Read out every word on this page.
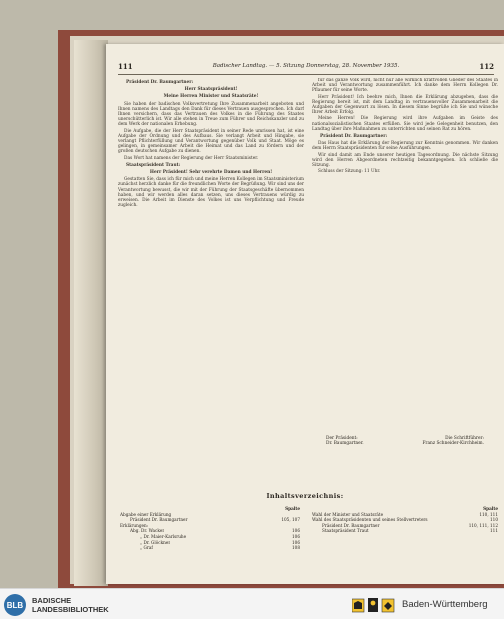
111	Badischer Landtag. — 5. Sitzung Donnerstag, 28. November 1935.	112

Präsident Dr. Baumgartner:

Herr Staatspräsident!

Meine Herren Minister und Staatsräte!

Sie haben der badischen Volksvertretung Ihre Zusammenarbeit angeboten und Ihnen namens des Landtags den Dank für dieses Vertrauen ausgesprochen. Ich darf Ihnen versichern, dass das Vertrauen des Volkes in die Führung des Staates unerschütterlich ist. Wir alle stehen in Treue zum Führer und Reichskanzler und zu dem Werk der nationalen Erhebung.

Die Aufgabe, die der Herr Staatspräsident in seiner Rede umrissen hat, ist eine Aufgabe der Ordnung und des Aufbaus. Sie verlangt Arbeit und Hingabe, sie verlangt Pflichterfüllung und Verantwortung gegenüber Volk und Staat. Möge es gelingen, in gemeinsamer Arbeit die Heimat und das Land zu fördern und der großen deutschen Aufgabe zu dienen.

Das Wort hat namens der Regierung der Herr Staatsminister.

Staatspräsident Traut:

Herr Präsident! Sehr verehrte Damen und Herren!

Gestatten Sie, dass ich für mich und meine Herren Kollegen im Staatsministerium zunächst herzlich danke für die freundlichen Worte der Begrüßung. Wir sind uns der Verantwortung bewusst, die wir mit der Führung der Staatsgeschäfte übernommen haben, und wir werden alles daran setzen, uns dieses Vertrauens würdig zu erweisen. Die Arbeit im Dienste des Volkes ist uns Verpflichtung und Freude zugleich.

für das ganze Volk wird, nicht nur alle wirklich kraftvollen Glieder des Staates in Arbeit und Verantwortung zusammenführt. Ich danke dem Herrn Kollegen Dr. Pflaumer für seine Worte.

Herr Präsident! Ich beehre mich, Ihnen die Erklärung abzugeben, dass die Regierung bereit ist, mit dem Landtag in vertrauensvoller Zusammenarbeit die Aufgaben der Gegenwart zu lösen. In diesem Sinne begrüße ich Sie und wünsche Ihrer Arbeit Erfolg.

Meine Herren! Die Regierung wird ihre Aufgaben im Geiste des nationalsozialistischen Staates erfüllen. Sie wird jede Gelegenheit benutzen, den Landtag über ihre Maßnahmen zu unterrichten und seinen Rat zu hören.

Präsident Dr. Baumgartner:

Das Haus hat die Erklärung der Regierung zur Kenntnis genommen. Wir danken dem Herrn Staatspräsidenten für seine Ausführungen.

Wir sind damit am Ende unserer heutigen Tagesordnung. Die nächste Sitzung wird den Herren Abgeordneten rechtzeitig bekanntgegeben. Ich schließe die Sitzung.

Schluss der Sitzung: 11 Uhr.

Der Präsident:	Die Schriftführer:
Dr. Baumgartner.	Franz Schneider-Kirchheim.
Inhaltsverzeichnis:
Spalte
Abgabe einer Erklärung
Präsident Dr. Baumgartner	105, 107
Erklärungen:
Abg. Dr. Wacker	106
„ Dr. Maier-Karlsruhe	106
„ Dr. Glöckner	106
„ Graf	108
Spalte
Wahl der Minister und Staatsräte	110, 111
Wahl des Staatspräsidenten und seines Stellvertreters	110
Präsident Dr. Baumgartner	110, 111, 112
Staatspräsident Traut	111
BLB	BADISCHE
LANDESBIBLIOTHEK	Baden-Württemberg
